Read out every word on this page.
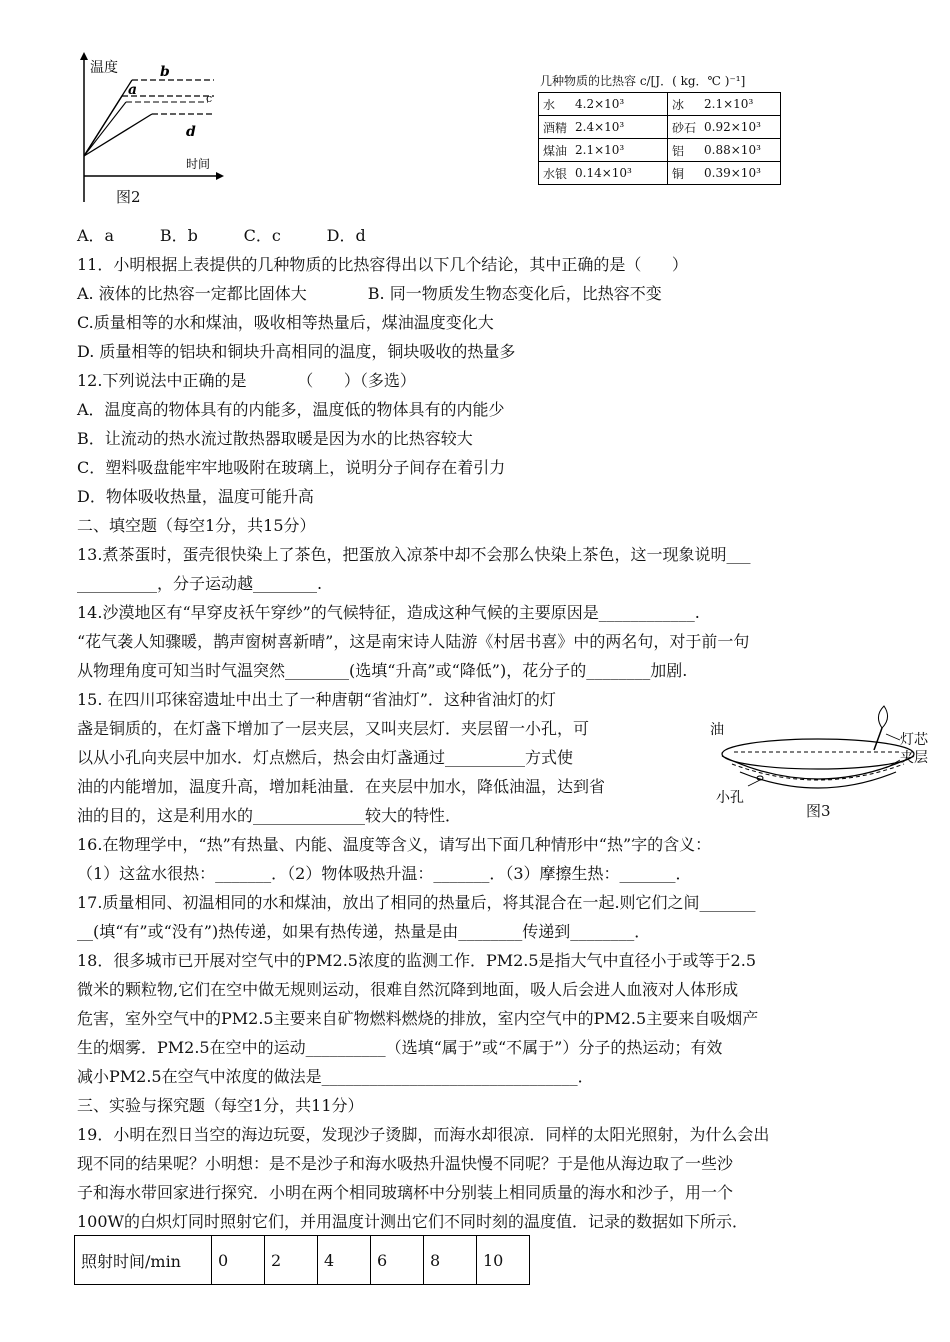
温度
时间
b
a
c
d
图2
几种物质的比热容 c/[J．( kg．℃ )⁻¹]
水	4.2×10³	冰	2.1×10³
酒精	2.4×10³	砂石	0.92×10³
煤油	2.1×10³	铝	0.88×10³
水银	0.14×10³	铜	0.39×10³
A．a         B．b         C．c         D．d
11．小明根据上表提供的几种物质的比热容得出以下几个结论，其中正确的是（      ）
A. 液体的比热容一定都比固体大            B. 同一物质发生物态变化后，比热容不变
C.质量相等的水和煤油，吸收相等热量后，煤油温度变化大
D. 质量相等的铝块和铜块升高相同的温度，铜块吸收的热量多
12.下列说法中正确的是          （      ）（多选）
A．温度高的物体具有的内能多，温度低的物体具有的内能少
B．让流动的热水流过散热器取暖是因为水的比热容较大
C．塑料吸盘能牢牢地吸附在玻璃上，说明分子间存在着引力
D．物体吸收热量，温度可能升高
二、填空题（每空1分，共15分）
13.煮茶蛋时，蛋壳很快染上了茶色，把蛋放入凉茶中却不会那么快染上茶色，这一现象说明___
__________，分子运动越________.
14.沙漠地区有“早穿皮袄午穿纱”的气候特征，造成这种气候的主要原因是____________.
“花气袭人知骤暖，鹊声窗树喜新晴”，这是南宋诗人陆游《村居书喜》中的两名句，对于前一句
从物理角度可知当时气温突然________(选填“升高”或“降低”)，花分子的________加剧.
15. 在四川邛徕窑遗址中出土了一种唐朝“省油灯”．这种省油灯的灯
盏是铜质的，在灯盏下增加了一层夹层，又叫夹层灯．夹层留一小孔，可
以从小孔向夹层中加水．灯点燃后，热会由灯盏通过__________方式使
油的内能增加，温度升高，增加耗油量．在夹层中加水，降低油温，达到省
油的目的，这是利用水的______________较大的特性．
16.在物理学中，“热”有热量、内能、温度等含义，请写出下面几种情形中“热”字的含义：
（1）这盆水很热：_______．（2）物体吸热升温：_______．（3）摩擦生热：_______．
17.质量相同、初温相同的水和煤油，放出了相同的热量后，将其混合在一起.则它们之间_______
__(填“有”或“没有”)热传递，如果有热传递，热量是由________传递到________．
18．很多城市已开展对空气中的PM2.5浓度的监测工作．PM2.5是指大气中直径小于或等于2.5
微米的颗粒物,它们在空中做无规则运动，很难自然沉降到地面，吸人后会进人血液对人体形成
危害，室外空气中的PM2.5主要来自矿物燃料燃烧的排放，室内空气中的PM2.5主要来自吸烟产
生的烟雾．PM2.5在空中的运动__________（选填“属于”或“不属于”）分子的热运动；有效
减小PM2.5在空气中浓度的做法是________________________________．
三、实验与探究题（每空1分，共11分）
19．小明在烈日当空的海边玩耍，发现沙子烫脚，而海水却很凉．同样的太阳光照射，为什么会出
现不同的结果呢？小明想：是不是沙子和海水吸热升温快慢不同呢？于是他从海边取了一些沙
子和海水带回家进行探究．小明在两个相同玻璃杯中分别装上相同质量的海水和沙子，用一个
100W的白炽灯同时照射它们，并用温度计测出它们不同时刻的温度值．记录的数据如下所示．
油
灯芯
夹层
小孔
图3
照射时间/min	0	2	4	6	8	10
